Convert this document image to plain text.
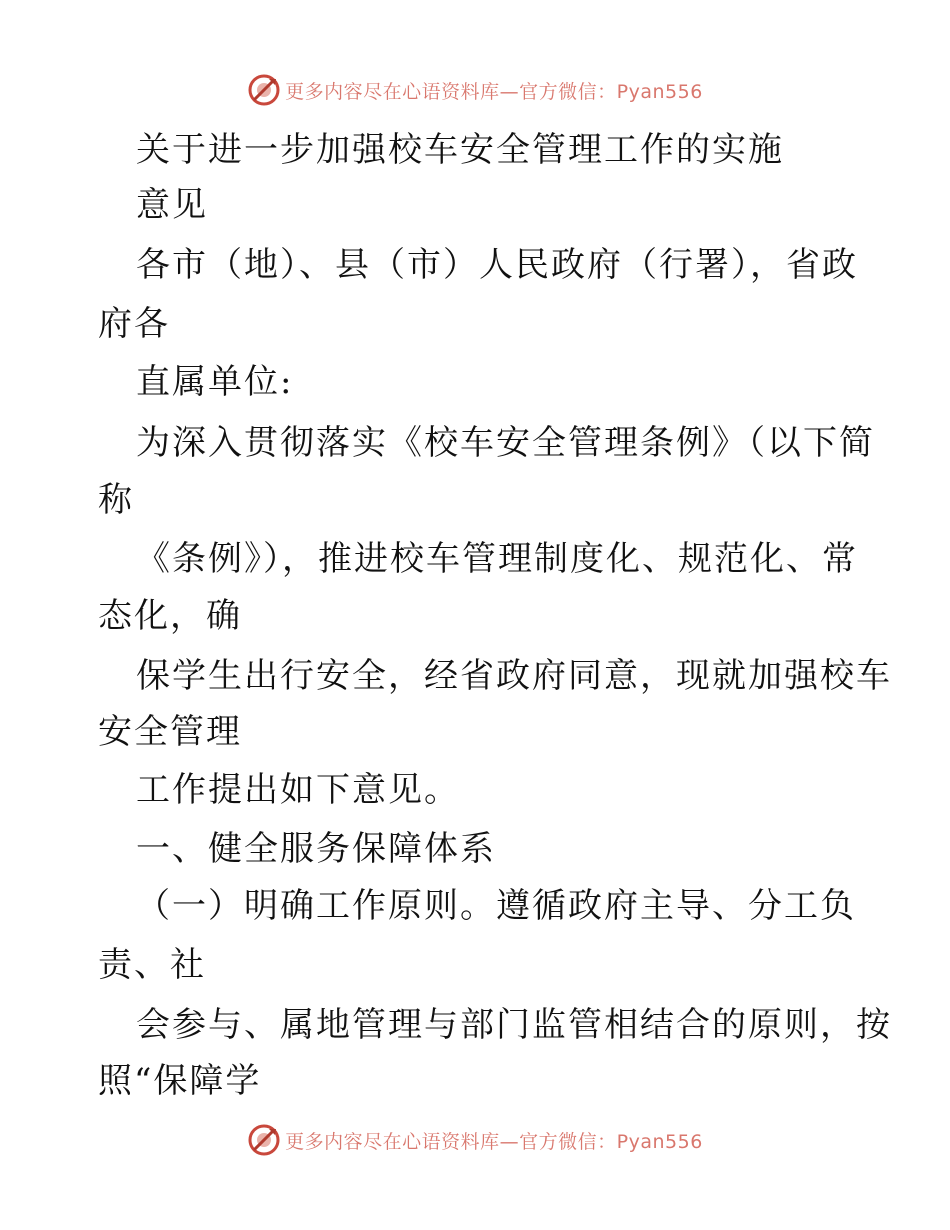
更多内容尽在心语资料库—官方微信：Pyan556
关于进一步加强校车安全管理工作的实施
意见
各市（地）、县（市）人民政府（行署），省政
府各
直属单位:
为深入贯彻落实《校车安全管理条例》（以下简
称
《条例》），推进校车管理制度化、规范化、常
态化，确
保学生出行安全，经省政府同意，现就加强校车
安全管理
工作提出如下意见。
一、健全服务保障体系
（一）明确工作原则。遵循政府主导、分工负
责、社
会参与、属地管理与部门监管相结合的原则，按
照“保障学
更多内容尽在心语资料库—官方微信：Pyan556
